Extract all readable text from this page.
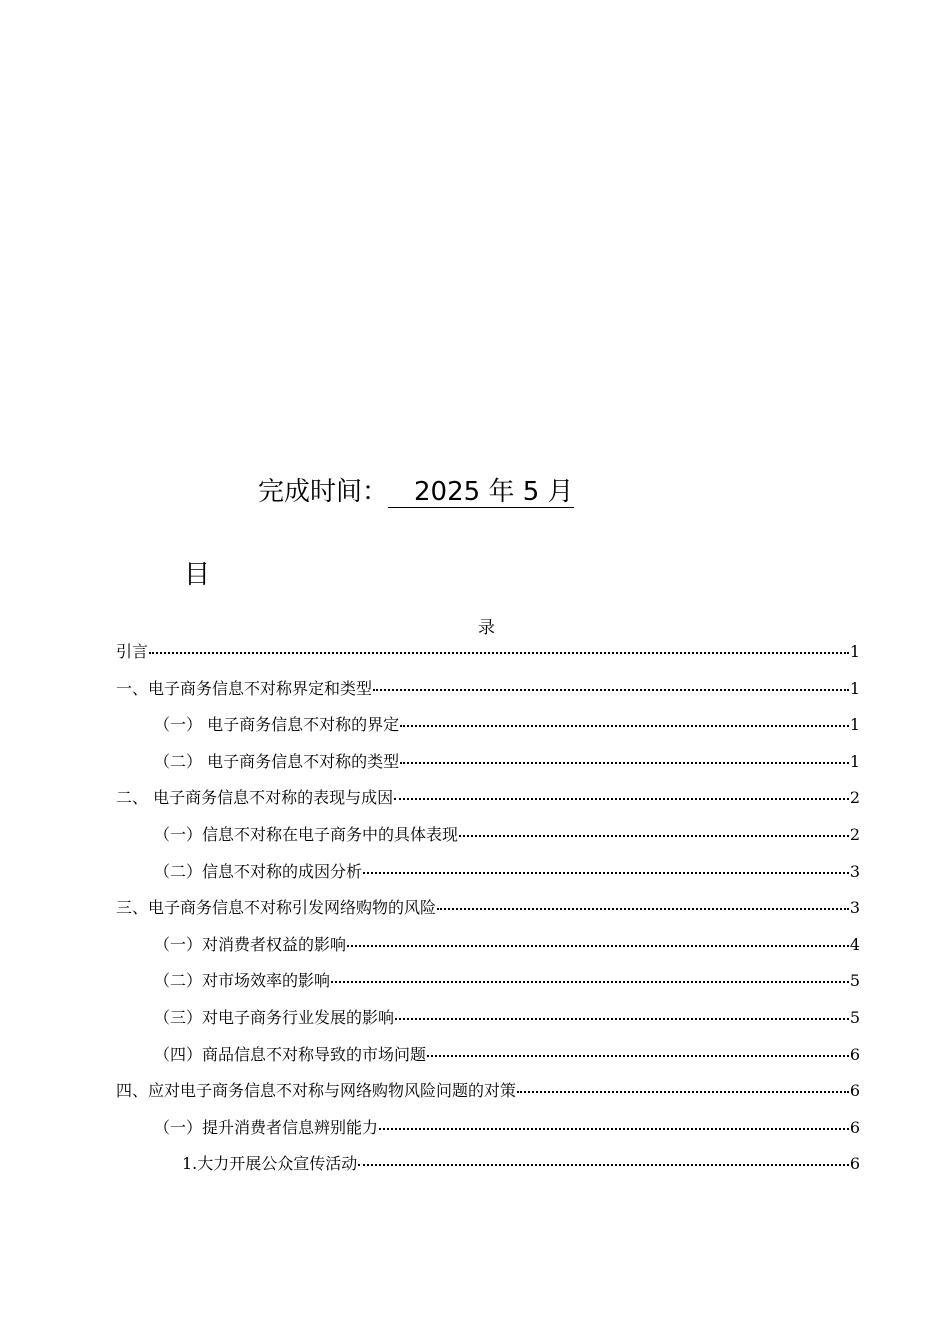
完成时间： 2025 年 5 月
目
录
引言	1
一、电子商务信息不对称界定和类型	1
（一） 电子商务信息不对称的界定	1
（二） 电子商务信息不对称的类型	1
二、 电子商务信息不对称的表现与成因	2
（一）信息不对称在电子商务中的具体表现	2
（二）信息不对称的成因分析	3
三、电子商务信息不对称引发网络购物的风险	3
（一）对消费者权益的影响	4
（二）对市场效率的影响	5
（三）对电子商务行业发展的影响	5
（四）商品信息不对称导致的市场问题	6
四、应对电子商务信息不对称与网络购物风险问题的对策	6
（一）提升消费者信息辨别能力	6
1.大力开展公众宣传活动	6
